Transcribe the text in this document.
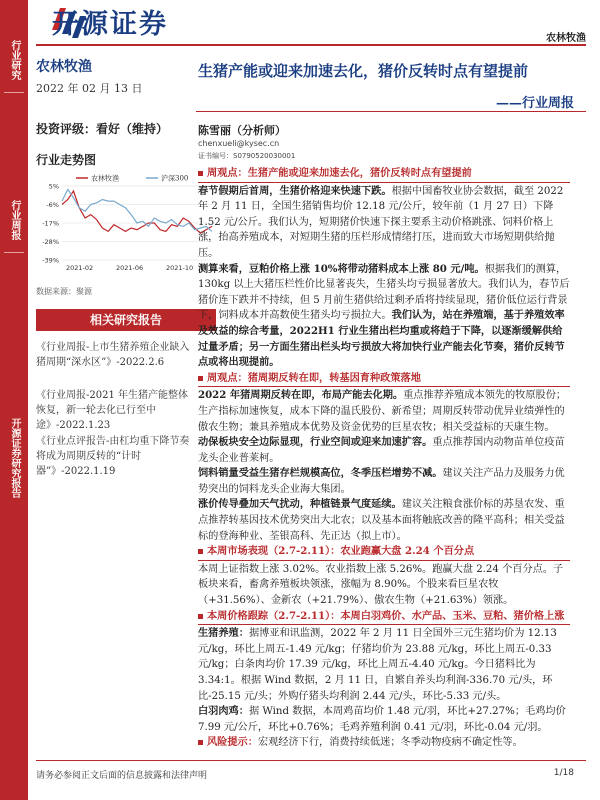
行业研究
行业周报
开源证券研究报告
开源证券	农林牧渔
农林牧渔
2022 年 02 月 13 日
投资评级：看好（维持）
行业走势图
5%
-6%
-17%
-28%
-39%
2021-02	2021-06	2021-10
农林牧渔	沪深300
数据来源：聚源
相关研究报告
《行业周报-上市生猪养殖企业缺入猪周期“深水区”》-2022.2.6
《行业周报-2021 年生猪产能整体恢复，新一轮去化已行至中途》-2022.1.23
《行业点评报告-由杠均重下降节奏将成为周期反转的“计时器”》-2022.1.19
生猪产能或迎来加速去化，猪价反转时点有望提前
——行业周报
陈雪丽（分析师）
chenxueli@kysec.cn
证书编号：S0790520030001
周观点：生猪产能或迎来加速去化，猪价反转时点有望提前

春节假期后首周，生猪价格迎来快速下跌。根据中国畜牧业协会数据，截至 2022 年 2 月 11 日，全国生猪销售均价 12.18 元/公斤，较年前（1 月 27 日）下降 1.52 元/公斤。我们认为，短期猪价快速下探主要系主动价格跳涨、饲料价格上涨，抬高养殖成本，对短期生猪的压栏形成情绪打压，进而致大市场短期供给抛压。

测算来看，豆粕价格上涨 10%将带动猪料成本上涨 80 元/吨。根据我们的测算，130kg 以上大猪压栏性价比显著丧失，生猪头均亏损显著放大。我们认为，春节后猪价连下跌并不持续，但 5 月前生猪供给过剩矛盾将持续显现，猪价低位运行背景下，饲料成本并高数使生猪头均亏损拉大。我们认为，站在养殖端，基于养殖效率及效益的综合考量，2022H1 行业生猪出栏均重或将趋于下降，以逐渐缓解供给过量矛盾；另一方面生猪出栏头均亏损放大将加快行业产能去化节奏，猪价反转节点或将出现提前。

周观点：猪周期反转在即，转基因育种政策落地

2022 年猪周期反转在即，布局产能去化期。重点推荐养殖成本领先的牧原股份；生产指标加速恢复，成本下降的温氏股份、新希望；周期反转带动优异业绩弹性的傲农生物；兼具养殖成本优势及资金优势的巨星农牧；相关受益标的天康生物。

动保板块安全边际显现，行业空间或迎来加速扩容。重点推荐国内动物苗单位疫苗龙头企业普莱柯。

饲料销量受益生猪存栏规模高位，冬季压栏增势不减。建议关注产品力及服务力优势突出的饲料龙头企业海大集团。

涨价传导叠加天气扰动，种植链景气度延续。建议关注粮食涨价标的苏垦农发、重点推荐转基因技术优势突出大北农；以及基本面将触底改善的隆平高科；相关受益标的登海种业、荃银高科、先正达（拟上市）。

本周市场表现（2.7-2.11）：农业跑赢大盘 2.24 个百分点

本周上证指数上涨 3.02%。农业指数上涨 5.26%。跑赢大盘 2.24 个百分点。子板块来看，畜禽养殖板块领涨，涨幅为 8.90%。个股来看巨星农牧（+31.56%）、金新农（+21.79%）、傲农生物（+21.63%）领涨。

本周价格跟踪（2.7-2.11）：本周白羽鸡价、水产品、玉米、豆粕、猪价格上涨

生猪养殖：据博亚和讯监测，2022 年 2 月 11 日全国外三元生猪均价为 12.13 元/kg，环比上周五-1.49 元/kg；仔猪均价为 23.88 元/kg，环比上周五-0.33 元/kg；白条肉均价 17.39 元/kg，环比上周五-4.40 元/kg。今日猪料比为 3.34:1。根据 Wind 数据，2 月 11 日，自繁自养头均利润-336.70 元/头，环比-25.15 元/头；外购仔猪头均利润 2.44 元/头，环比-5.33 元/头。

白羽肉鸡：据 Wind 数据，本周鸡苗均价 1.48 元/羽，环比+27.27%；毛鸡均价 7.99 元/公斤，环比+0.76%；毛鸡养殖利润 0.41 元/羽，环比-0.04 元/羽。

风险提示：宏观经济下行，消费持续低迷；冬季动物疫病不确定性等。

请务必参阅正文后面的信息披露和法律声明	1/18
